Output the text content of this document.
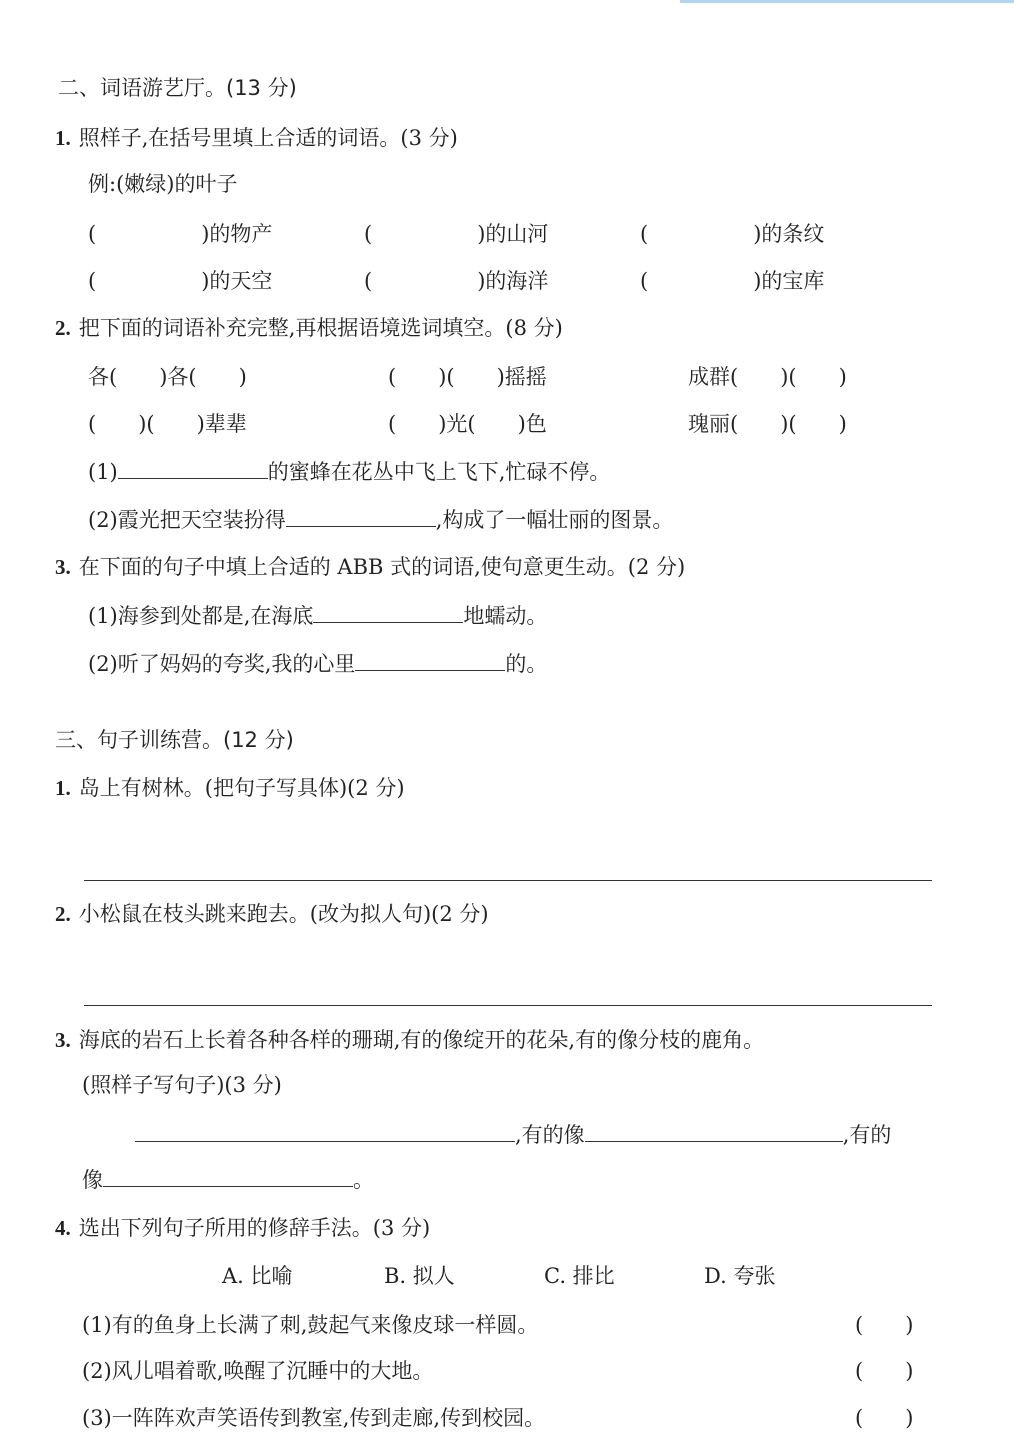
二、词语游艺厅。(13 分)
1. 照样子,在括号里填上合适的词语。(3 分)
例:(嫩绿)的叶子
(　　　　　)的物产	(　　　　　)的山河	(　　　　　)的条纹
(　　　　　)的天空	(　　　　　)的海洋	(　　　　　)的宝库
2. 把下面的词语补充完整,再根据语境选词填空。(8 分)
各(　　)各(　　)	(　　)(　　)摇摇	成群(　　)(　　)
(　　)(　　)辈辈	(　　)光(　　)色	瑰丽(　　)(　　)
(1)	的蜜蜂在花丛中飞上飞下,忙碌不停。
(2)霞光把天空装扮得	,构成了一幅壮丽的图景。
3. 在下面的句子中填上合适的 ABB 式的词语,使句意更生动。(2 分)
(1)海参到处都是,在海底	地蠕动。
(2)听了妈妈的夸奖,我的心里	的。
三、句子训练营。(12 分)
1. 岛上有树林。(把句子写具体)(2 分)
2. 小松鼠在枝头跳来跑去。(改为拟人句)(2 分)
3. 海底的岩石上长着各种各样的珊瑚,有的像绽开的花朵,有的像分枝的鹿角。
(照样子写句子)(3 分)
,有的像	,有的
像	。
4. 选出下列句子所用的修辞手法。(3 分)
A. 比喻	B. 拟人	C. 排比	D. 夸张
(1)有的鱼身上长满了刺,鼓起气来像皮球一样圆。	(　　)
(2)风儿唱着歌,唤醒了沉睡中的大地。	(　　)
(3)一阵阵欢声笑语传到教室,传到走廊,传到校园。	(　　)
